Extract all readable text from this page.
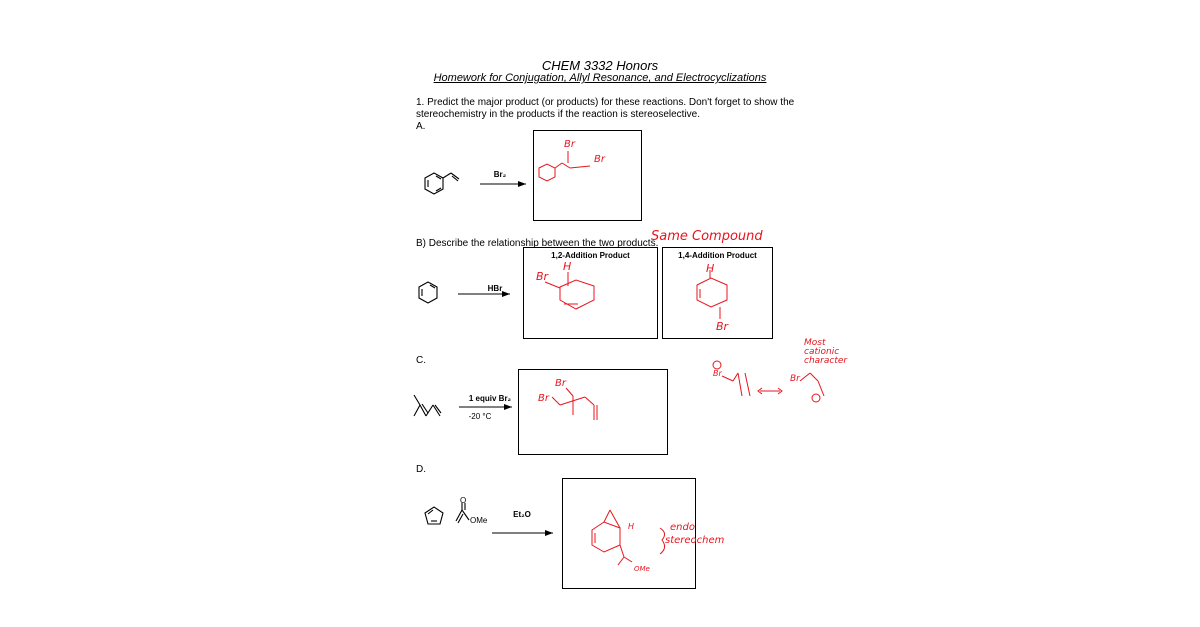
CHEM 3332 Honors
Homework for Conjugation, Allyl Resonance, and Electrocyclizations
1. Predict the major product (or products) for these reactions. Don't forget to show the
stereochemistry in the products if the reaction is stereoselective.
A.
Br₂
Br
Br
B) Describe the relationship between the two products.
Same Compound
HBr
1,2-Addition Product	1,4-Addition Product
H
Br
H
Br
C.
1 equiv Br₂
-20 °C
Br
Br
Most
cationic
character
Br
Br
D.
Et₂O
OMe
O
H
OMe
endo
stereochem
